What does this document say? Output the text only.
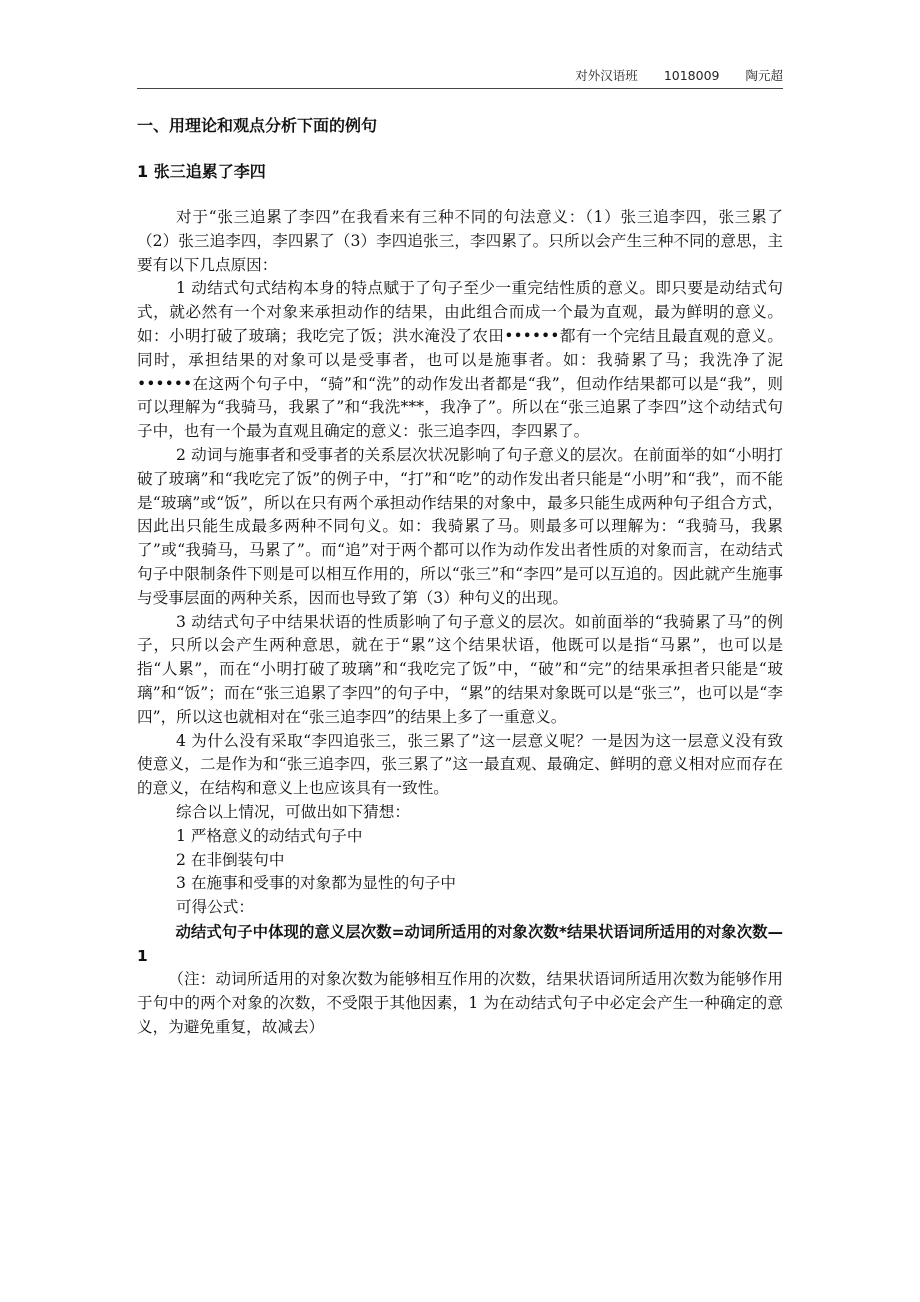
对外汉语班 1018009 陶元超
一、用理论和观点分析下面的例句
1 张三追累了李四

对于“张三追累了李四”在我看来有三种不同的句法意义：（1）张三追李四，张三累了（2）张三追李四，李四累了（3）李四追张三，李四累了。只所以会产生三种不同的意思，主要有以下几点原因：

1 动结式句式结构本身的特点赋于了句子至少一重完结性质的意义。即只要是动结式句式，就必然有一个对象来承担动作的结果，由此组合而成一个最为直观，最为鲜明的意义。如：小明打破了玻璃；我吃完了饭；洪水淹没了农田••••••都有一个完结且最直观的意义。同时，承担结果的对象可以是受事者，也可以是施事者。如：我骑累了马；我洗净了泥••••••在这两个句子中，“骑”和“洗”的动作发出者都是“我”，但动作结果都可以是“我”，则可以理解为“我骑马，我累了”和“我洗***，我净了”。所以在“张三追累了李四”这个动结式句子中，也有一个最为直观且确定的意义：张三追李四，李四累了。

2 动词与施事者和受事者的关系层次状况影响了句子意义的层次。在前面举的如“小明打破了玻璃”和“我吃完了饭”的例子中，“打”和“吃”的动作发出者只能是“小明”和“我”，而不能是“玻璃”或“饭”，所以在只有两个承担动作结果的对象中，最多只能生成两种句子组合方式，因此出只能生成最多两种不同句义。如：我骑累了马。则最多可以理解为：“我骑马，我累了”或“我骑马，马累了”。而“追”对于两个都可以作为动作发出者性质的对象而言，在动结式句子中限制条件下则是可以相互作用的，所以“张三”和“李四”是可以互追的。因此就产生施事与受事层面的两种关系，因而也导致了第（3）种句义的出现。

3 动结式句子中结果状语的性质影响了句子意义的层次。如前面举的“我骑累了马”的例子，只所以会产生两种意思，就在于“累”这个结果状语，他既可以是指“马累”，也可以是指“人累”，而在“小明打破了玻璃”和“我吃完了饭”中，“破”和“完”的结果承担者只能是“玻璃”和“饭”；而在“张三追累了李四”的句子中，“累”的结果对象既可以是“张三”，也可以是“李四”，所以这也就相对在“张三追李四”的结果上多了一重意义。

4 为什么没有采取“李四追张三，张三累了”这一层意义呢？一是因为这一层意义没有致使意义，二是作为和“张三追李四，张三累了”这一最直观、最确定、鲜明的意义相对应而存在的意义，在结构和意义上也应该具有一致性。

综合以上情况，可做出如下猜想：

1 严格意义的动结式句子中

2 在非倒装句中

3 在施事和受事的对象都为显性的句子中

可得公式：

动结式句子中体现的意义层次数=动词所适用的对象次数*结果状语词所适用的对象次数—1

（注：动词所适用的对象次数为能够相互作用的次数，结果状语词所适用次数为能够作用于句中的两个对象的次数，不受限于其他因素，1 为在动结式句子中必定会产生一种确定的意义，为避免重复，故减去）
